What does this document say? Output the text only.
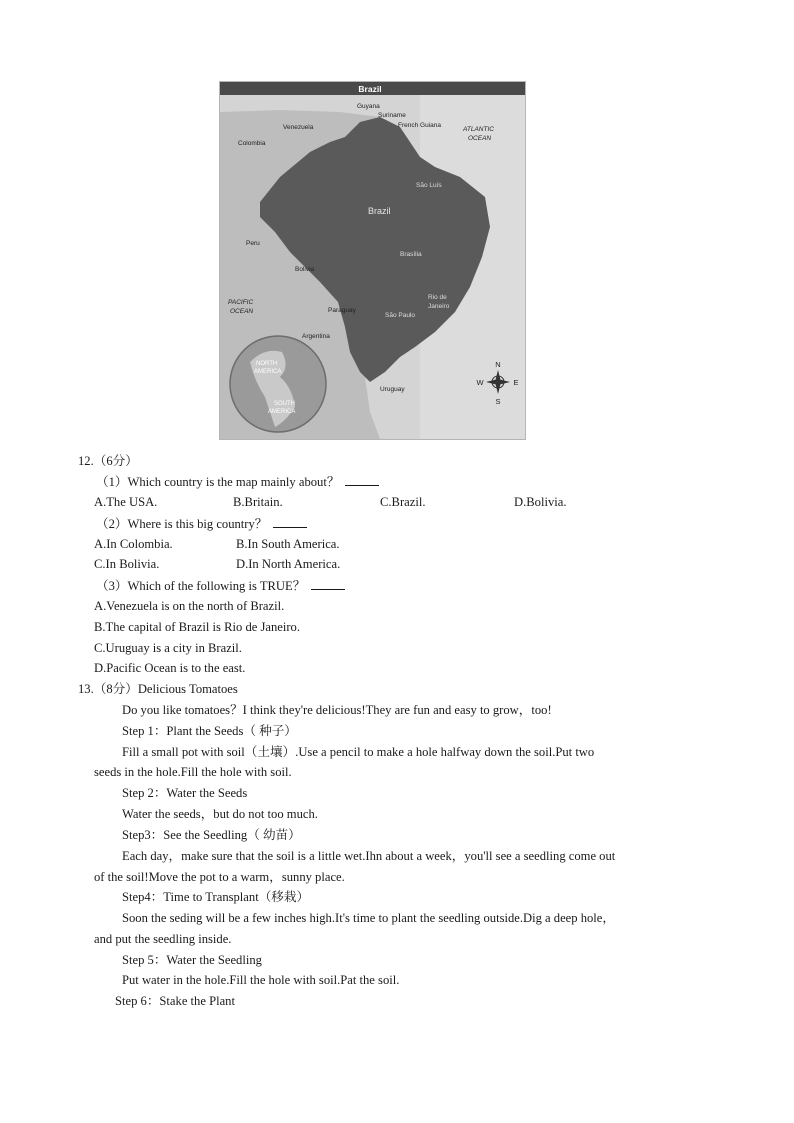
Brazil
N
S
W	E
Guyana
Suriname
French Guiana
Venezuela
Colombia
ATLANTIC
OCEAN
São Luís
Brazil
Peru
Bolivia
Brasília
Rio de
Janeiro
PACIFIC
OCEAN	Paraguay
São Paulo
Argentina
Uruguay
NORTH
AMERICA
SOUTH
AMERICA
12.（6分）
（1）Which country is the map mainly about？
A.The USA.	B.Britain.	C.Brazil.	D.Bolivia.
（2）Where is this big country？
A.In Colombia.	B.In South America.
C.In Bolivia.	D.In North America.
（3）Which of the following is TRUE？
A.Venezuela is on the north of Brazil.
B.The capital of Brazil is Rio de Janeiro.
C.Uruguay is a city in Brazil.
D.Pacific Ocean is to the east.
13.（8分）Delicious Tomatoes
Do you like tomatoes？I think they're delicious!They are fun and easy to grow，too!
Step 1：Plant the Seeds（ 种子）
Fill a small pot with soil（土壤）.Use a pencil to make a hole halfway down the soil.Put two
seeds in the hole.Fill the hole with soil.
Step 2：Water the Seeds
Water the seeds，but do not too much.
Step3：See the Seedling（ 幼苗）
Each day，make sure that the soil is a little wet.Ihn about a week，you'll see a seedling come out
of the soil!Move the pot to a warm，sunny place.
Step4：Time to Transplant（移栽）
Soon the seding will be a few inches high.It's time to plant the seedling outside.Dig a deep hole，
and put the seedling inside.
Step 5：Water the Seedling
Put water in the hole.Fill the hole with soil.Pat the soil.
Step 6：Stake the Plant
